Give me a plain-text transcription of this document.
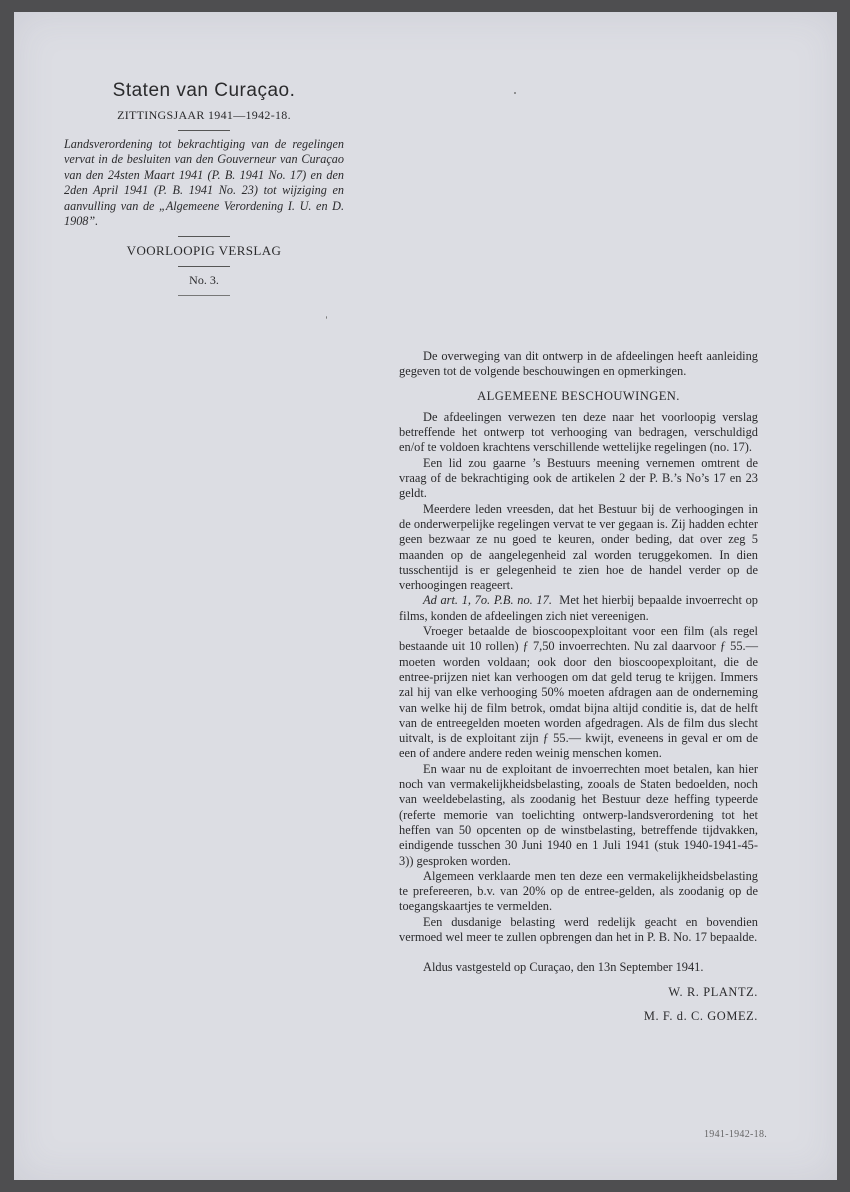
Staten van Curaçao.
ZITTINGSJAAR 1941—1942-18.

Landsverordening tot bekrachtiging van de regelingen vervat in de besluiten van den Gouverneur van Curaçao van den 24sten Maart 1941 (P. B. 1941 No. 17) en den 2den April 1941 (P. B. 1941 No. 23) tot wijziging en aanvulling van de „Algemeene Verordening I. U. en D. 1908”.

VOORLOOPIG VERSLAG
No. 3.

De overweging van dit ontwerp in de afdeelingen heeft aanleiding gegeven tot de volgende beschouwingen en opmerkingen.

ALGEMEENE BESCHOUWINGEN.

De afdeelingen verwezen ten deze naar het voorloopig verslag betreffende het ontwerp tot verhooging van bedragen, verschuldigd en/of te voldoen krachtens verschillende wettelijke regelingen (no. 17).

Een lid zou gaarne ’s Bestuurs meening vernemen omtrent de vraag of de bekrachtiging ook de artikelen 2 der P. B.’s No’s 17 en 23 geldt.

Meerdere leden vreesden, dat het Bestuur bij de verhoogingen in de onderwerpelijke regelingen vervat te ver gegaan is. Zij hadden echter geen bezwaar ze nu goed te keuren, onder beding, dat over zeg 5 maanden op de aangelegenheid zal worden teruggekomen. In dien tusschentijd is er gelegenheid te zien hoe de handel verder op de verhoogingen reageert.

Ad art. 1, 7o. P.B. no. 17. Met het hierbij bepaalde invoerrecht op films, konden de afdeelingen zich niet vereenigen.

Vroeger betaalde de bioscoopexploitant voor een film (als regel bestaande uit 10 rollen) ƒ 7,50 invoerrechten. Nu zal daarvoor ƒ 55.— moeten worden voldaan; ook door den bioscoopexploitant, die de entree-prijzen niet kan verhoogen om dat geld terug te krijgen. Immers zal hij van elke verhooging 50% moeten afdragen aan de onderneming van welke hij de film betrok, omdat bijna altijd conditie is, dat de helft van de entreegelden moeten worden afgedragen. Als de film dus slecht uitvalt, is de exploitant zijn ƒ 55.— kwijt, eveneens in geval er om de een of andere andere reden weinig menschen komen.

En waar nu de exploitant de invoerrechten moet betalen, kan hier noch van vermakelijkheidsbelasting, zooals de Staten bedoelden, noch van weeldebelasting, als zoodanig het Bestuur deze heffing typeerde (referte memorie van toelichting ontwerp-landsverordening tot het heffen van 50 opcenten op de winstbelasting, betreffende tijdvakken, eindigende tusschen 30 Juni 1940 en 1 Juli 1941 (stuk 1940-1941-45-3)) gesproken worden.

Algemeen verklaarde men ten deze een vermakelijkheidsbelasting te prefereeren, b.v. van 20% op de entree-gelden, als zoodanig op de toegangskaartjes te vermelden.

Een dusdanige belasting werd redelijk geacht en bovendien vermoed wel meer te zullen opbrengen dan het in P. B. No. 17 bepaalde.

Aldus vastgesteld op Curaçao, den 13n September 1941.
W. R. PLANTZ.
M. F. d. C. GOMEZ.
1941-1942-18.
